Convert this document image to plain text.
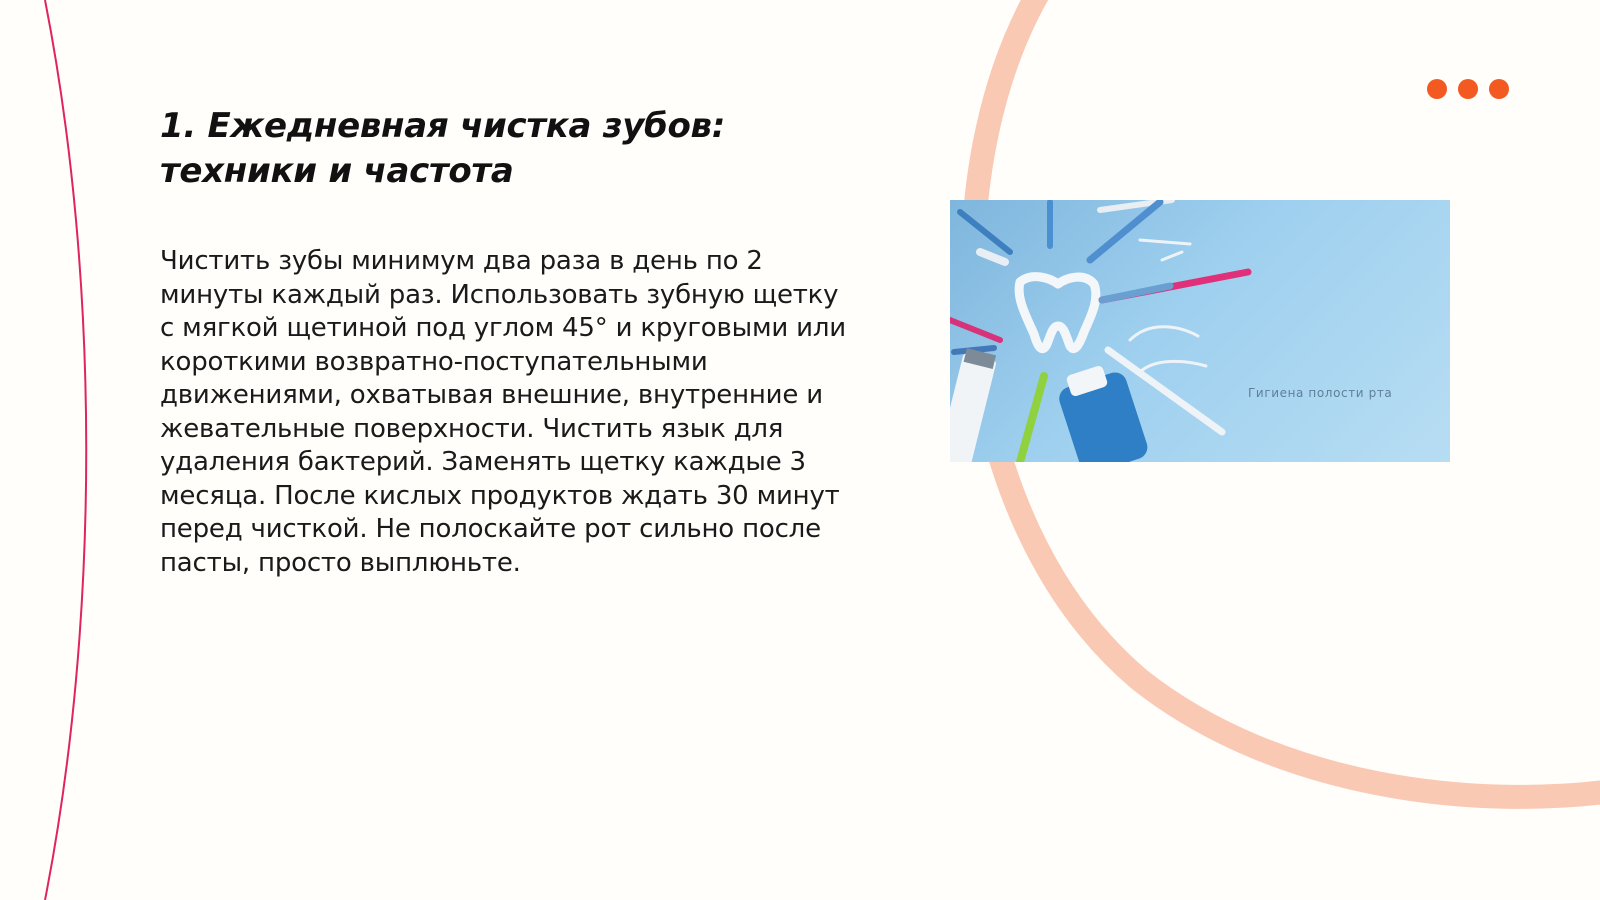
1. Ежедневная чистка зубов: техники и частота

Чистить зубы минимум два раза в день по 2 минуты каждый раз. Использовать зубную щетку с мягкой щетиной под углом 45° и круговыми или короткими возвратно-поступательными движениями, охватывая внешние, внутренние и жевательные поверхности. Чистить язык для удаления бактерий. Заменять щетку каждые 3 месяца. После кислых продуктов ждать 30 минут перед чисткой. Не полоскайте рот сильно после пасты, просто выплюньте.

Гигиена полости рта
